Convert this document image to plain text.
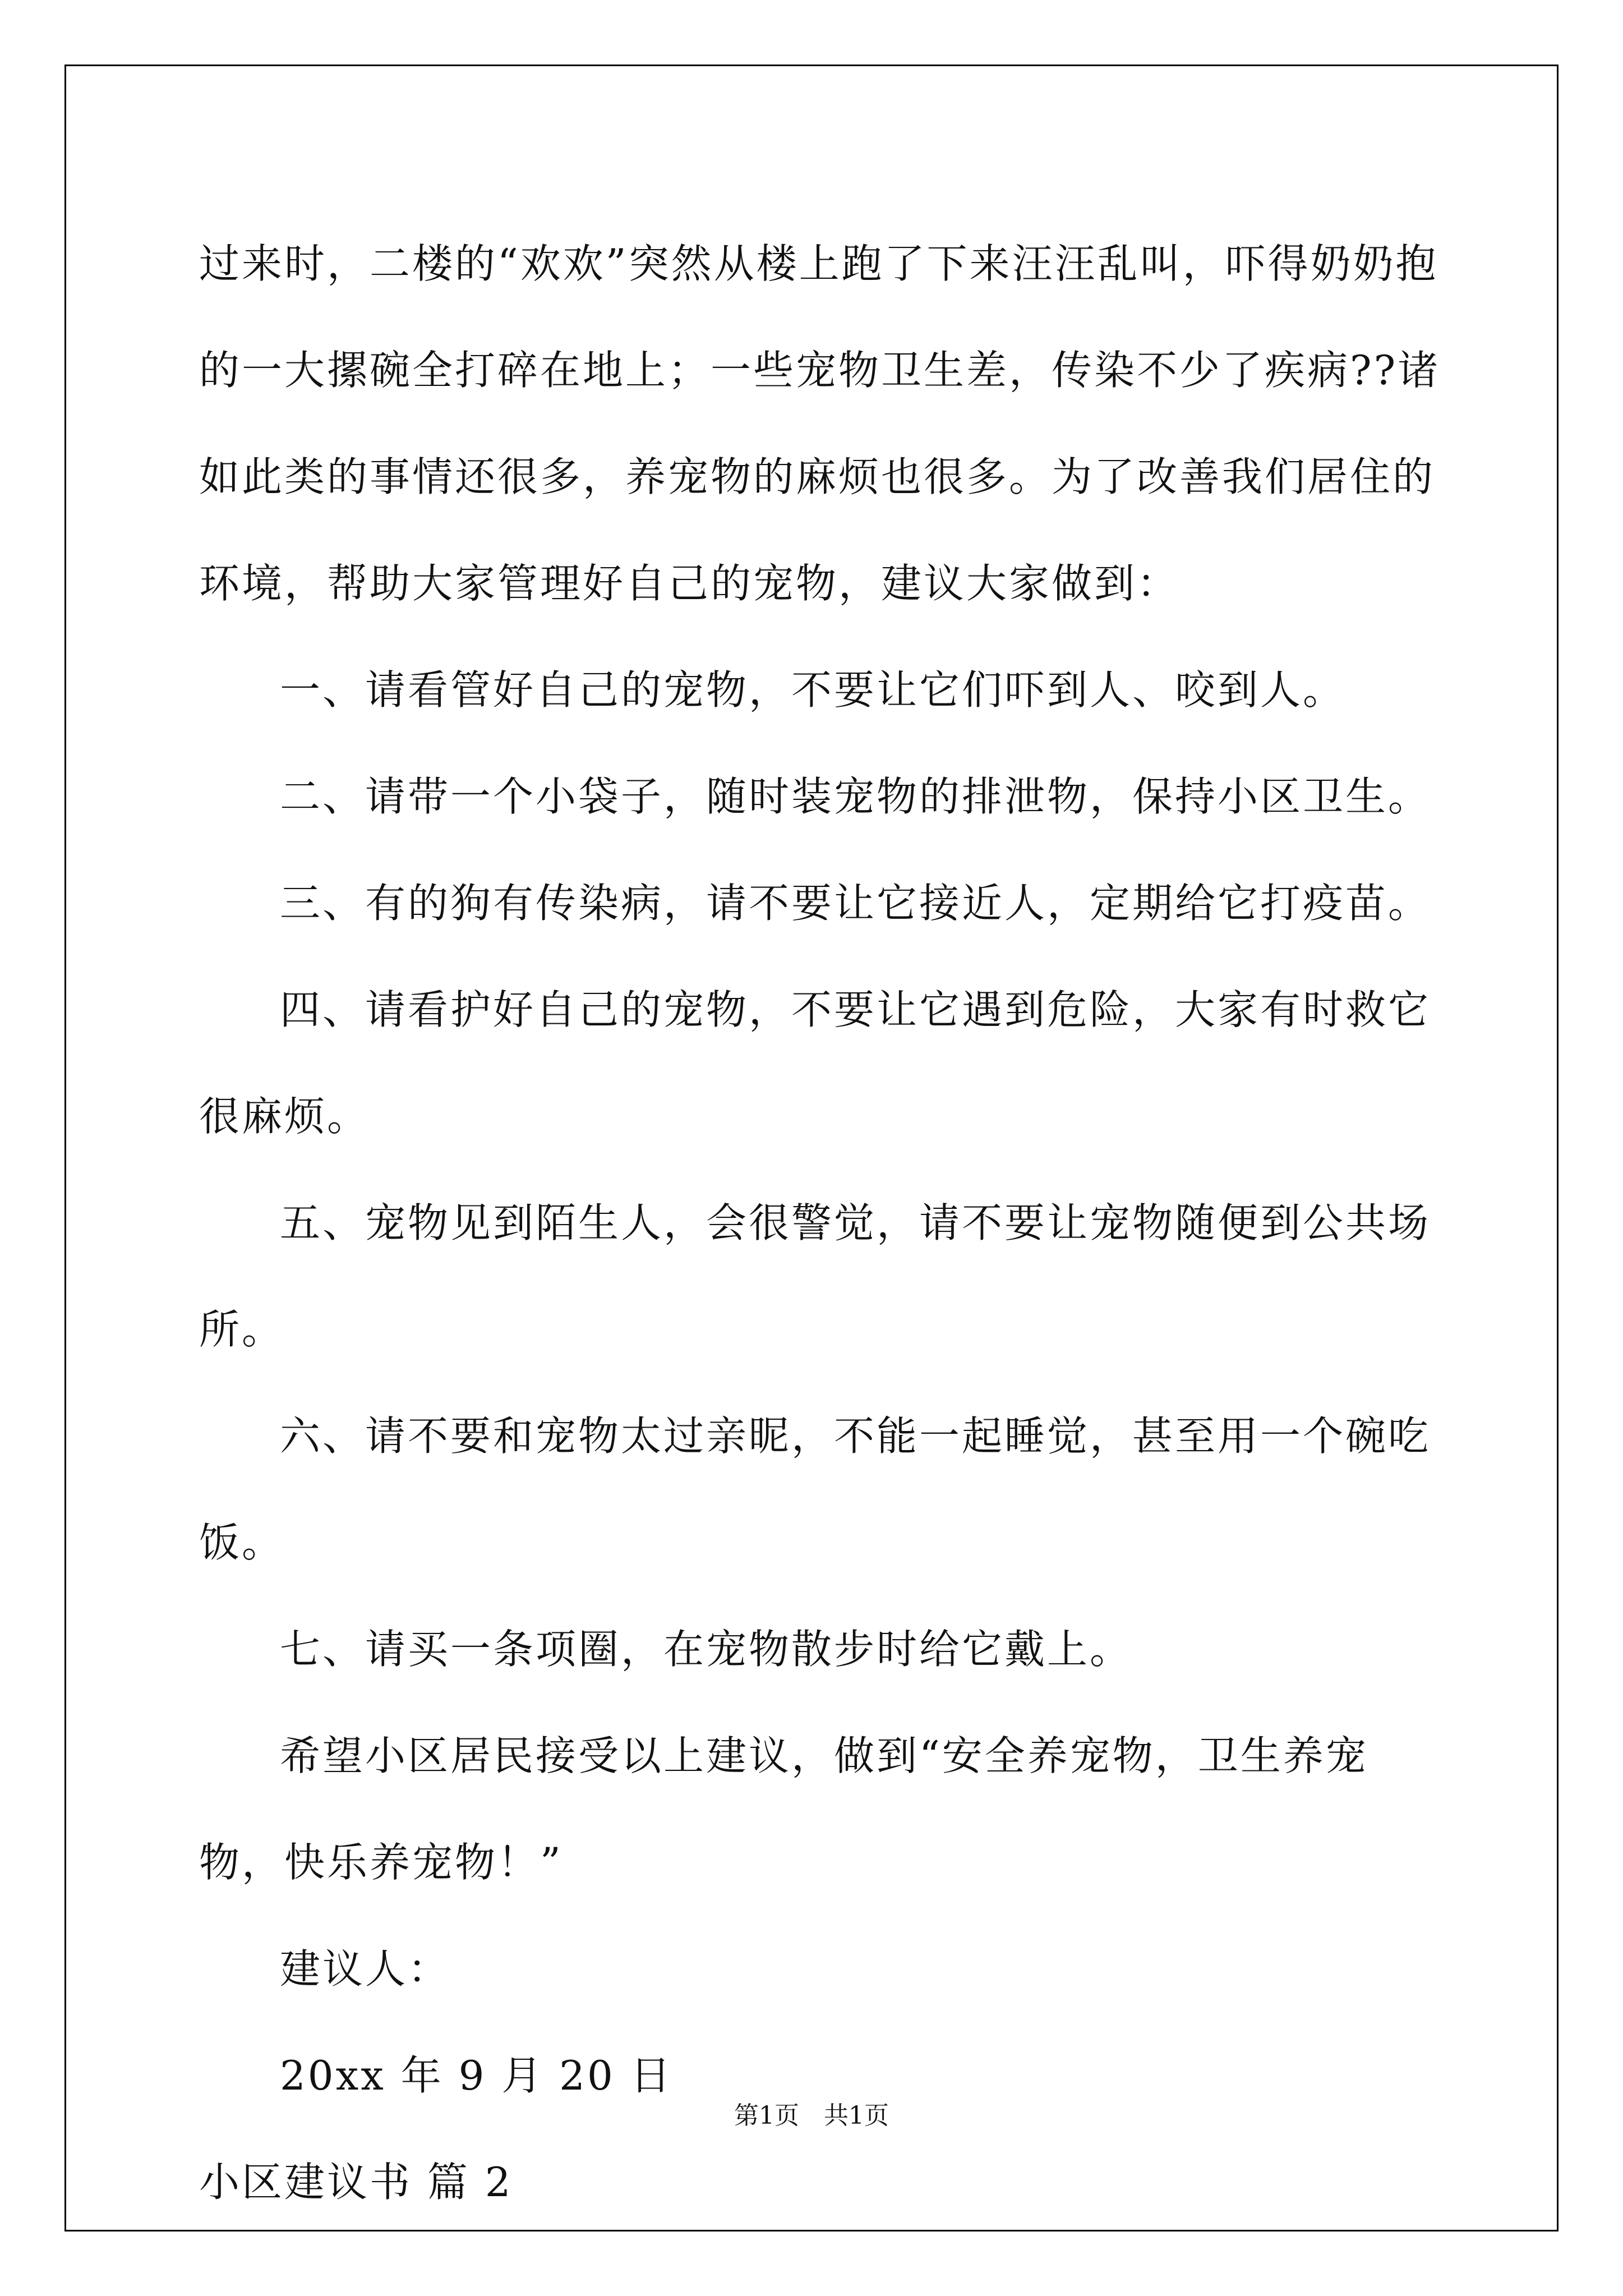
过来时，二楼的“欢欢”突然从楼上跑了下来汪汪乱叫，吓得奶奶抱的一大摞碗全打碎在地上；一些宠物卫生差，传染不少了疾病??诸如此类的事情还很多，养宠物的麻烦也很多。为了改善我们居住的环境，帮助大家管理好自己的宠物，建议大家做到：

一、请看管好自己的宠物，不要让它们吓到人、咬到人。

二、请带一个小袋子，随时装宠物的排泄物，保持小区卫生。

三、有的狗有传染病，请不要让它接近人，定期给它打疫苗。

四、请看护好自己的宠物，不要让它遇到危险，大家有时救它很麻烦。

五、宠物见到陌生人，会很警觉，请不要让宠物随便到公共场所。

六、请不要和宠物太过亲昵，不能一起睡觉，甚至用一个碗吃饭。

七、请买一条项圈，在宠物散步时给它戴上。

希望小区居民接受以上建议，做到“安全养宠物，卫生养宠物，快乐养宠物！”

建议人：

20xx 年 9 月 20 日

小区建议书 篇 2

第1页　共1页
